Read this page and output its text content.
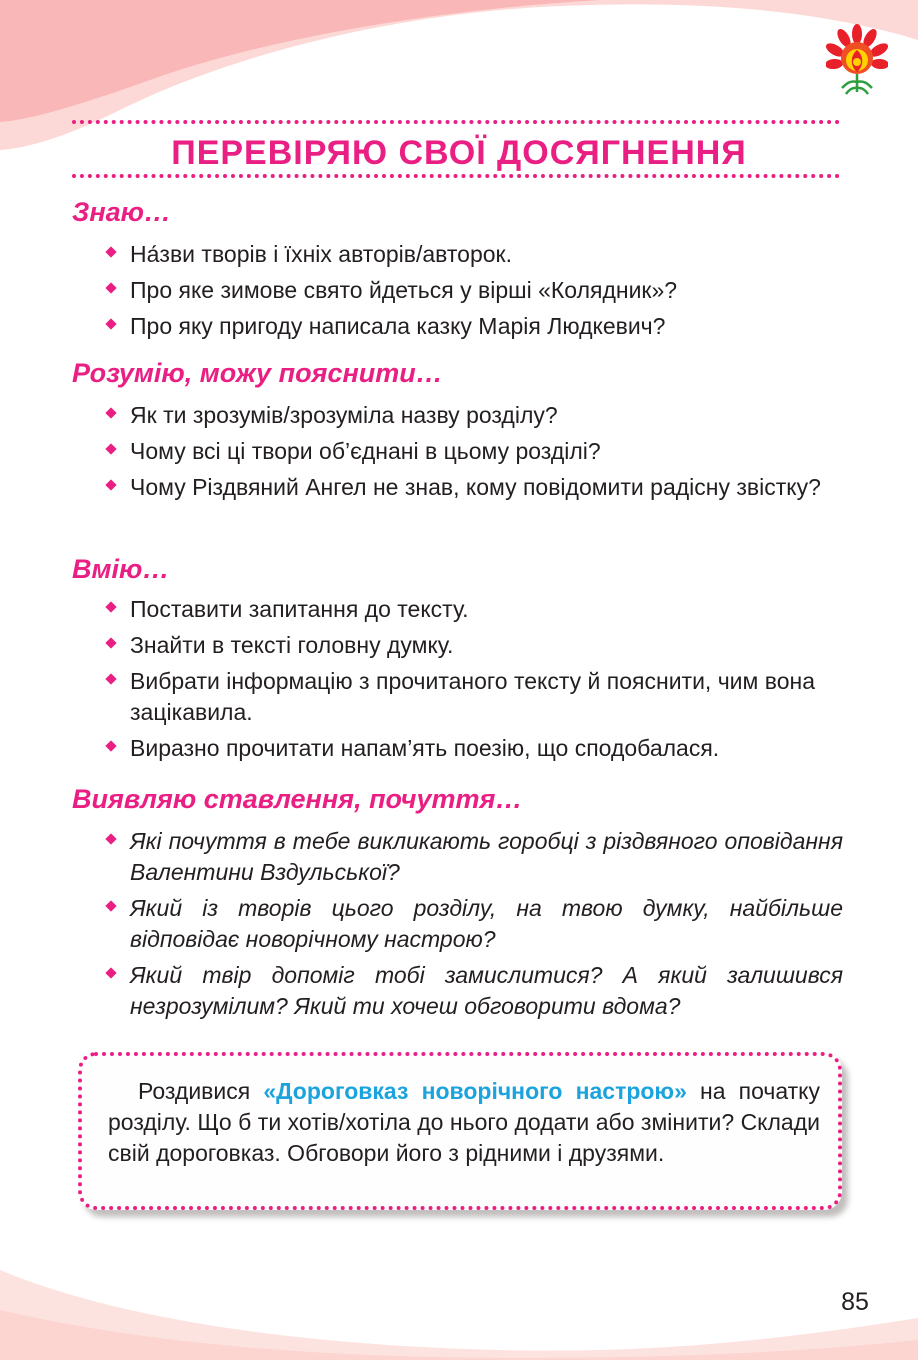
ПЕРЕВІРЯЮ СВОЇ ДОСЯГНЕННЯ
Знаю…
На́зви творів і їхніх авторів/авторок.
Про яке зимове свято йдеться у вірші «Колядник»?
Про яку пригоду написала казку Марія Людкевич?
Розумію, можу пояснити…
Як ти зрозумів/зрозуміла назву розділу?
Чому всі ці твори об’єднані в цьому розділі?
Чому Різдвяний Ангел не знав, кому повідомити радісну звістку?
Вмію…
Поставити запитання до тексту.
Знайти в тексті головну думку.
Вибрати інформацію з прочитаного тексту й пояснити, чим вона зацікавила.
Виразно прочитати напам’ять поезію, що сподобалася.
Виявляю ставлення, почуття…
Які почуття в тебе викликають горобці з різдвяного оповідання Валентини Вздульської?
Який із творів цього розділу, на твою думку, найбільше відповідає новорічному настрою?
Який твір допоміг тобі замислитися? А який залишився незрозумілим? Який ти хочеш обговорити вдома?

Роздивися «Дороговказ новорічного настрою» на початку розділу. Що б ти хотів/хотіла до нього додати або змінити? Склади свій дороговказ. Обговори його з рідними і друзями.

85
